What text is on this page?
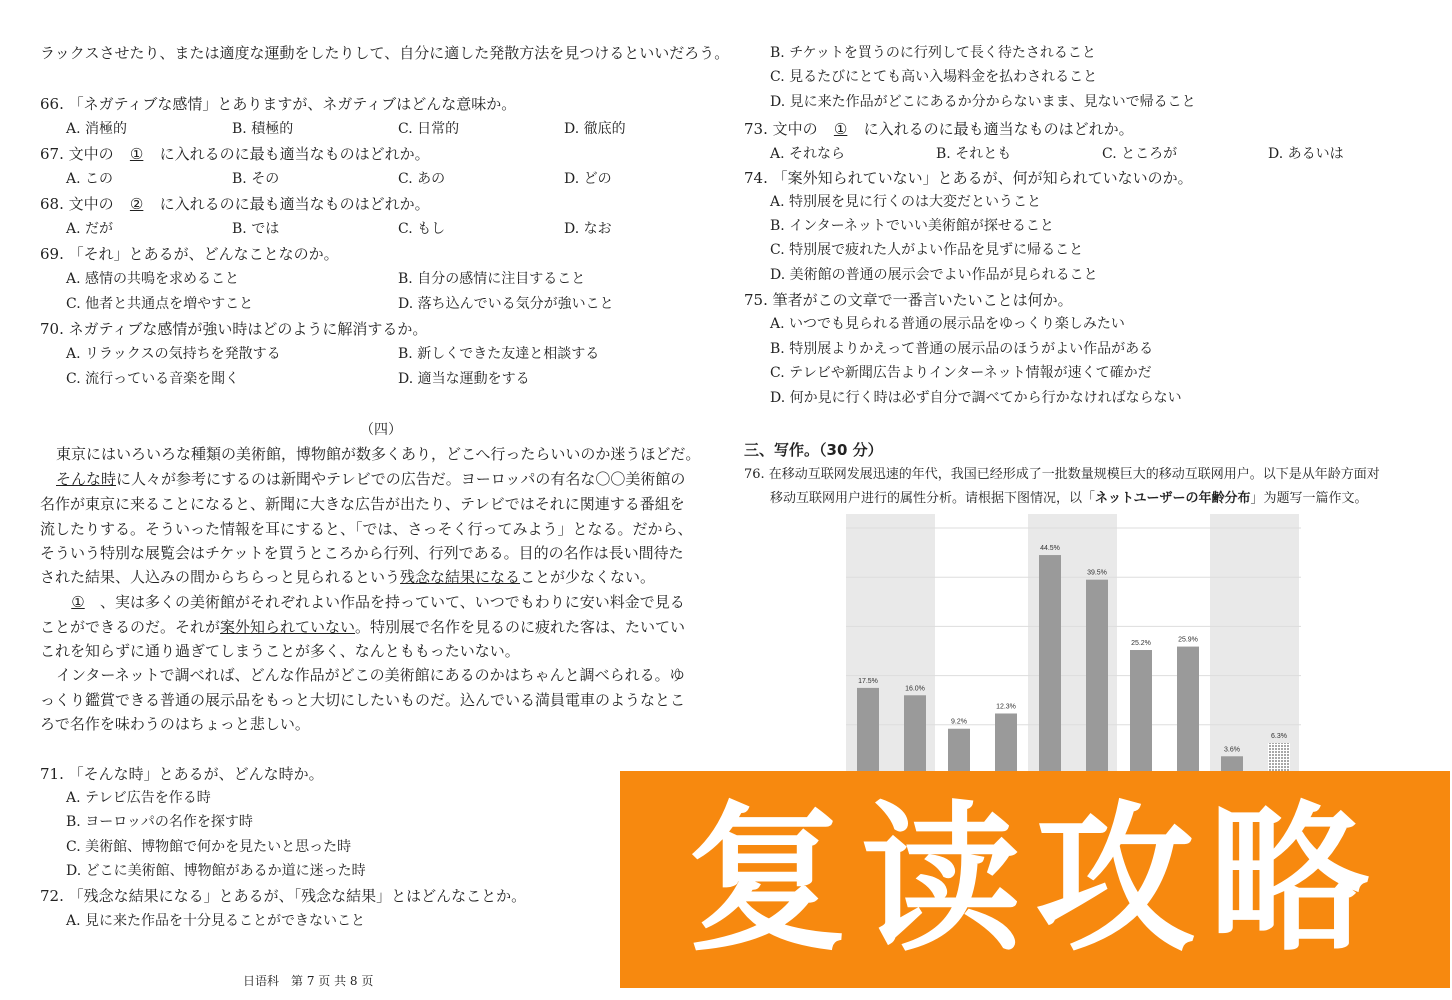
ラックスさせたり、または適度な運動をしたりして、自分に適した発散方法を見つけるといいだろう。
66. 「ネガティブな感情」とありますが、ネガティブはどんな意味か。
A. 消極的	B. 積極的	C. 日常的	D. 徹底的
67. 文中の ① に入れるのに最も適当なものはどれか。
A. この	B. その	C. あの	D. どの
68. 文中の ② に入れるのに最も適当なものはどれか。
A. だが	B. では	C. もし	D. なお
69. 「それ」とあるが、どんなことなのか。
A. 感情の共鳴を求めること	B. 自分の感情に注目すること
C. 他者と共通点を増やすこと	D. 落ち込んでいる気分が強いこと
70. ネガティブな感情が強い時はどのように解消するか。
A. リラックスの気持ちを発散する	B. 新しくできた友達と相談する
C. 流行っている音楽を聞く	D. 適当な運動をする
（四）
東京にはいろいろな種類の美術館，博物館が数多くあり，どこへ行ったらいいのか迷うほどだ。
そんな時に人々が参考にするのは新聞やテレビでの広告だ。ヨーロッパの有名な〇〇美術館の
名作が東京に来ることになると、新聞に大きな広告が出たり、テレビではそれに関連する番組を
流したりする。そういった情報を耳にすると、「では、さっそく行ってみよう」となる。だから、
そういう特別な展覧会はチケットを買うところから行列、行列である。目的の名作は長い間待た
された結果、人込みの間からちらっと見られるという残念な結果になることが少なくない。
① 、実は多くの美術館がそれぞれよい作品を持っていて、いつでもわりに安い料金で見る
ことができるのだ。それが案外知られていない。特別展で名作を見るのに疲れた客は、たいてい
これを知らずに通り過ぎてしまうことが多く、なんとももったいない。
インターネットで調べれば、どんな作品がどこの美術館にあるのかはちゃんと調べられる。ゆ
っくり鑑賞できる普通の展示品をもっと大切にしたいものだ。込んでいる満員電車のようなとこ
ろで名作を味わうのはちょっと悲しい。
71. 「そんな時」とあるが、どんな時か。
A. テレビ広告を作る時
B. ヨーロッパの名作を探す時
C. 美術館、博物館で何かを見たいと思った時
D. どこに美術館、博物館があるか道に迷った時
72. 「残念な結果になる」とあるが、「残念な結果」とはどんなことか。
A. 見に来た作品を十分見ることができないこと
日语科　第 7 页 共 8 页
B. チケットを買うのに行列して長く待たされること
C. 見るたびにとても高い入場料金を払わされること
D. 見に来た作品がどこにあるか分からないまま、見ないで帰ること
73. 文中の ① に入れるのに最も適当なものはどれか。
A. それなら	B. それとも	C. ところが	D. あるいは
74. 「案外知られていない」とあるが、何が知られていないのか。
A. 特別展を見に行くのは大変だということ
B. インターネットでいい美術館が探せること
C. 特別展で疲れた人がよい作品を見ずに帰ること
D. 美術館の普通の展示会でよい作品が見られること
75. 筆者がこの文章で一番言いたいことは何か。
A. いつでも見られる普通の展示品をゆっくり楽しみたい
B. 特別展よりかえって普通の展示品のほうがよい作品がある
C. テレビや新聞広告よりインターネット情報が速くて確かだ
D. 何か見に行く時は必ず自分で調べてから行かなければならない
三、写作。（30 分）
76. 在移动互联网发展迅速的年代，我国已经形成了一批数量规模巨大的移动互联网用户。以下是从年龄方面对
移动互联网用户进行的属性分析。请根据下图情况，以「ネットユーザーの年齢分布」为题写一篇作文。
17.5%
9.2%
44.5%
25.2%
3.6%
16.0%
12.3%
39.5%
25.9%
6.3%
复读攻略
